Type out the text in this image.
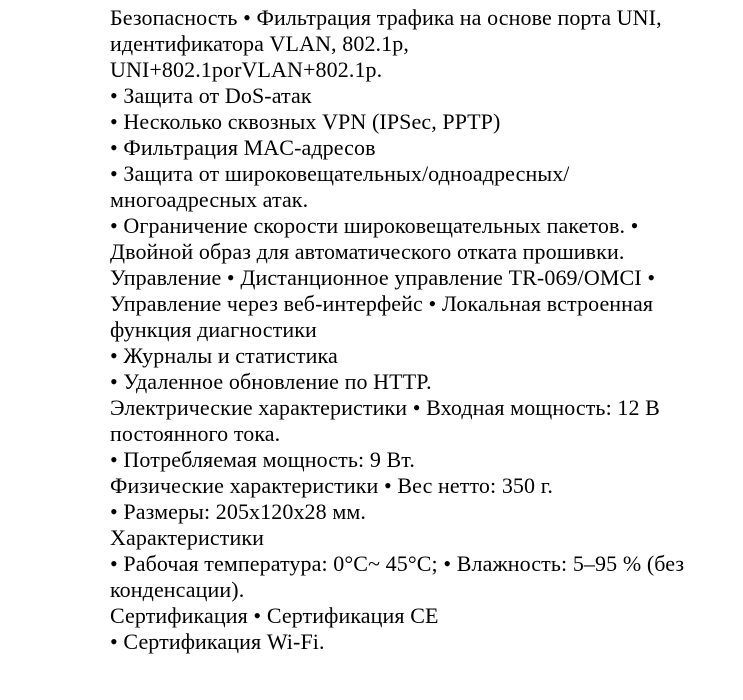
Безопасность • Фильтрация трафика на основе порта UNI,
идентификатора VLAN, 802.1p,
UNI+802.1porVLAN+802.1p.
• Защита от DoS-атак
• Несколько сквозных VPN (IPSec, PPTP)
• Фильтрация MAC-адресов
• Защита от широковещательных/одноадресных/
многоадресных атак.
• Ограничение скорости широковещательных пакетов. •
Двойной образ для автоматического отката прошивки.
Управление • Дистанционное управление TR-069/OMCI •
Управление через веб-интерфейс • Локальная встроенная
функция диагностики
• Журналы и статистика
• Удаленное обновление по HTTP.
Электрические характеристики • Входная мощность: 12 В
постоянного тока.
• Потребляемая мощность: 9 Вт.
Физические характеристики • Вес нетто: 350 г.
• Размеры: 205x120x28 мм.
Характеристики
• Рабочая температура: 0°C~ 45°C; • Влажность: 5–95 % (без
конденсации).
Сертификация • Сертификация CE
• Сертификация Wi-Fi.
